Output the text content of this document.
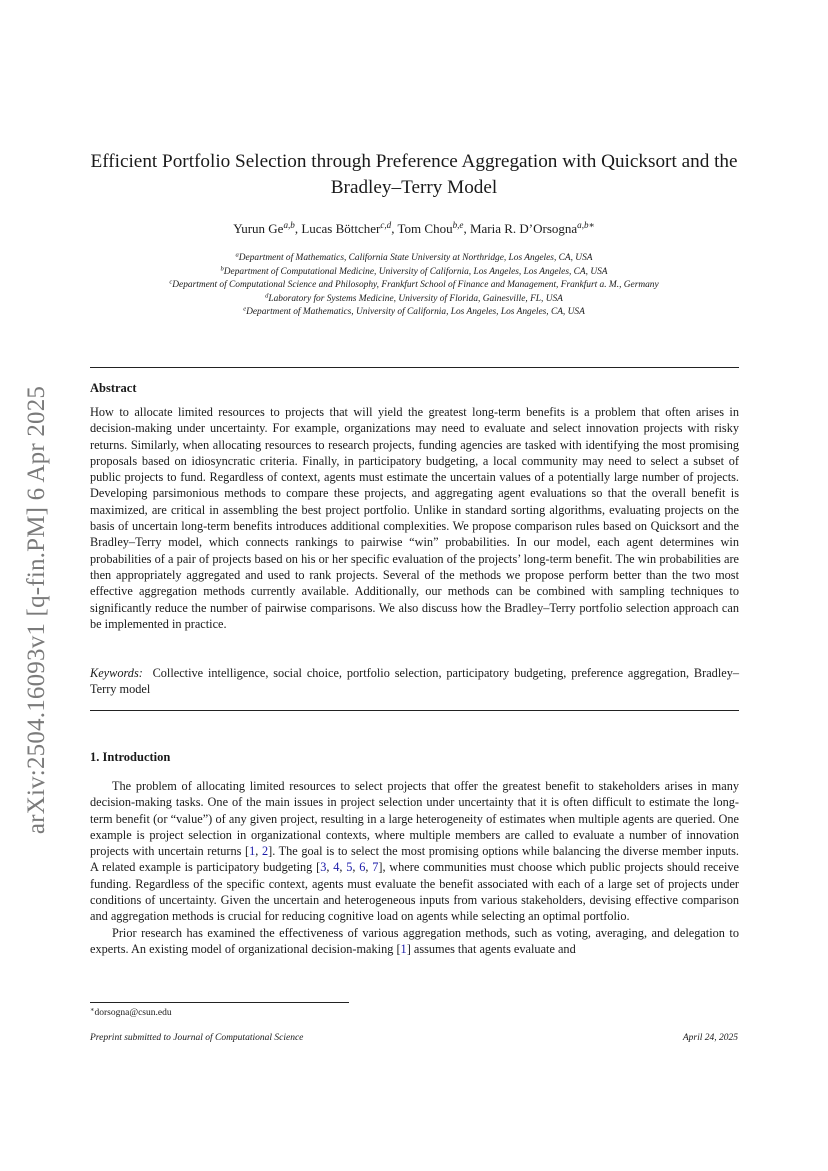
arXiv:2504.16093v1 [q-fin.PM] 6 Apr 2025
Efficient Portfolio Selection through Preference Aggregation with Quicksort and the Bradley–Terry Model
Yurun Ge$^{a,b}$, Lucas Böttcher$^{c,d}$, Tom Chou$^{b,e}$, Maria R. D’Orsogna$^{a,b∗}$
$^a$Department of Mathematics, California State University at Northridge, Los Angeles, CA, USA
$^b$Department of Computational Medicine, University of California, Los Angeles, Los Angeles, CA, USA
$^c$Department of Computational Science and Philosophy, Frankfurt School of Finance and Management, Frankfurt a. M., Germany
$^d$Laboratory for Systems Medicine, University of Florida, Gainesville, FL, USA
$^e$Department of Mathematics, University of California, Los Angeles, Los Angeles, CA, USA
Abstract
How to allocate limited resources to projects that will yield the greatest long-term benefits is a problem that often arises in decision-making under uncertainty. For example, organizations may need to evaluate and select innovation projects with risky returns. Similarly, when allocating resources to research projects, funding agencies are tasked with identifying the most promising proposals based on idiosyncratic criteria. Finally, in participatory budgeting, a local community may need to select a subset of public projects to fund. Regardless of context, agents must estimate the uncertain values of a potentially large number of projects. Developing parsimonious methods to compare these projects, and aggregating agent evaluations so that the overall benefit is maximized, are critical in assembling the best project portfolio. Unlike in standard sorting algorithms, evaluating projects on the basis of uncertain long-term benefits introduces additional complexities. We propose comparison rules based on Quicksort and the Bradley–Terry model, which connects rankings to pairwise “win” probabilities. In our model, each agent determines win probabilities of a pair of projects based on his or her specific evaluation of the projects’ long-term benefit. The win probabilities are then appropriately aggregated and used to rank projects. Several of the methods we propose perform better than the two most effective aggregation methods currently available. Additionally, our methods can be combined with sampling techniques to significantly reduce the number of pairwise comparisons. We also discuss how the Bradley–Terry portfolio selection approach can be implemented in practice.
Keywords: Collective intelligence, social choice, portfolio selection, participatory budgeting, preference aggregation, Bradley–Terry model
1. Introduction

The problem of allocating limited resources to select projects that offer the greatest benefit to stakeholders arises in many decision-making tasks. One of the main issues in project selection under uncertainty that it is often difficult to estimate the long-term benefit (or “value”) of any given project, resulting in a large heterogeneity of estimates when multiple agents are queried. One example is project selection in organizational contexts, where multiple members are called to evaluate a number of innovation projects with uncertain returns [1, 2]. The goal is to select the most promising options while balancing the diverse member inputs. A related example is participatory budgeting [3, 4, 5, 6, 7], where communities must choose which public projects should receive funding. Regardless of the specific context, agents must evaluate the benefit associated with each of a large set of projects under conditions of uncertainty. Given the uncertain and heterogeneous inputs from various stakeholders, devising effective comparison and aggregation methods is crucial for reducing cognitive load on agents while selecting an optimal portfolio.

Prior research has examined the effectiveness of various aggregation methods, such as voting, averaging, and delegation to experts. An existing model of organizational decision-making [1] assumes that agents evaluate and

∗dorsogna@csun.edu
Preprint submitted to Journal of Computational Science	April 24, 2025
